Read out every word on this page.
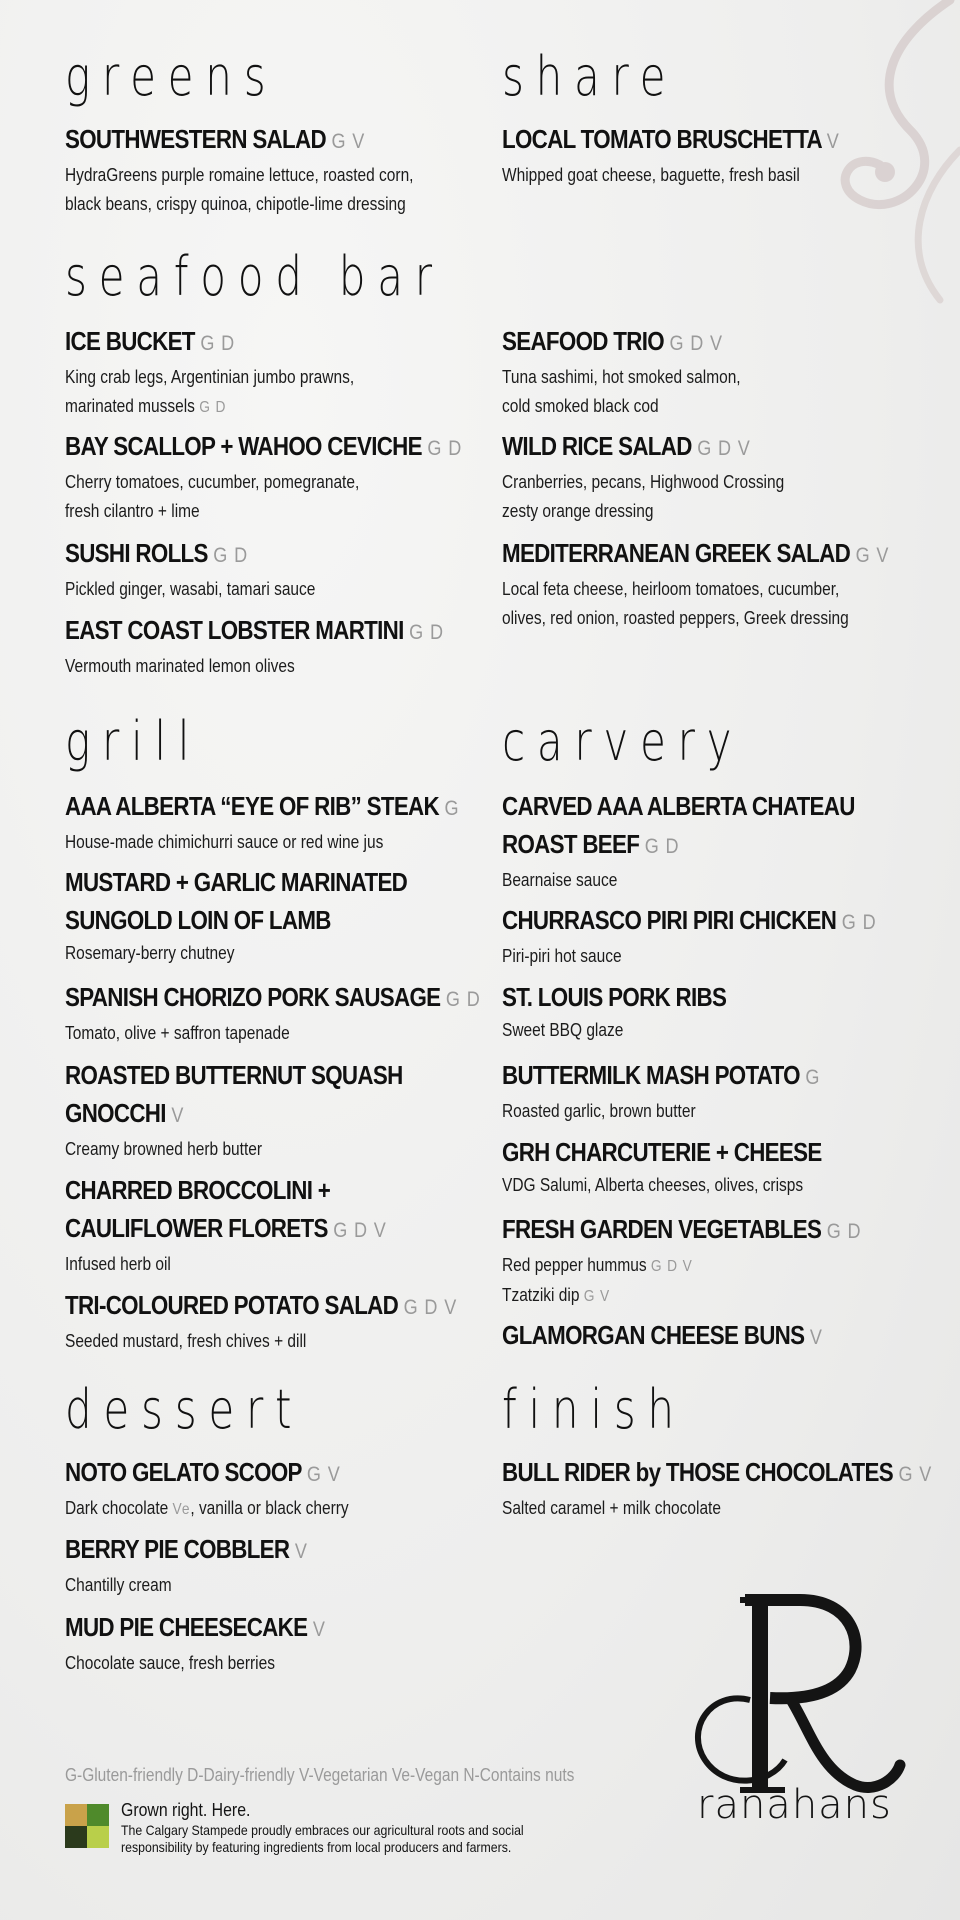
greens
SOUTHWESTERN SALAD G V
HydraGreens purple romaine lettuce, roasted corn,
black beans, crispy quinoa, chipotle-lime dressing
share
LOCAL TOMATO BRUSCHETTA V
Whipped goat cheese, baguette, fresh basil
seafood bar
ICE BUCKET G D
King crab legs, Argentinian jumbo prawns,
marinated mussels G D
BAY SCALLOP + WAHOO CEVICHE G D
Cherry tomatoes, cucumber, pomegranate,
fresh cilantro + lime
SUSHI ROLLS G D
Pickled ginger, wasabi, tamari sauce
EAST COAST LOBSTER MARTINI G D
Vermouth marinated lemon olives
SEAFOOD TRIO G D V
Tuna sashimi, hot smoked salmon,
cold smoked black cod
WILD RICE SALAD G D V
Cranberries, pecans, Highwood Crossing
zesty orange dressing
MEDITERRANEAN GREEK SALAD G V
Local feta cheese, heirloom tomatoes, cucumber,
olives, red onion, roasted peppers, Greek dressing
grill
AAA ALBERTA “EYE OF RIB” STEAK G
House-made chimichurri sauce or red wine jus
MUSTARD + GARLIC MARINATED
SUNGOLD LOIN OF LAMB
Rosemary-berry chutney
SPANISH CHORIZO PORK SAUSAGE G D
Tomato, olive + saffron tapenade
ROASTED BUTTERNUT SQUASH
GNOCCHI V
Creamy browned herb butter
CHARRED BROCCOLINI +
CAULIFLOWER FLORETS G D V
Infused herb oil
TRI-COLOURED POTATO SALAD G D V
Seeded mustard, fresh chives + dill
carvery
CARVED AAA ALBERTA CHATEAU
ROAST BEEF G D
Bearnaise sauce
CHURRASCO PIRI PIRI CHICKEN G D
Piri-piri hot sauce
ST. LOUIS PORK RIBS
Sweet BBQ glaze
BUTTERMILK MASH POTATO G
Roasted garlic, brown butter
GRH CHARCUTERIE + CHEESE
VDG Salumi, Alberta cheeses, olives, crisps
FRESH GARDEN VEGETABLES G D
Red pepper hummus G D V
Tzatziki dip G V
GLAMORGAN CHEESE BUNS V
dessert
NOTO GELATO SCOOP G V
Dark chocolate Ve, vanilla or black cherry
BERRY PIE COBBLER V
Chantilly cream
MUD PIE CHEESECAKE V
Chocolate sauce, fresh berries
finish
BULL RIDER by THOSE CHOCOLATES G V
Salted caramel + milk chocolate
G-Gluten-friendly D-Dairy-friendly V-Vegetarian Ve-Vegan N-Contains nuts
Grown right. Here.
The Calgary Stampede proudly embraces our agricultural roots and social responsibility by featuring ingredients from local producers and farmers.
ranahans
